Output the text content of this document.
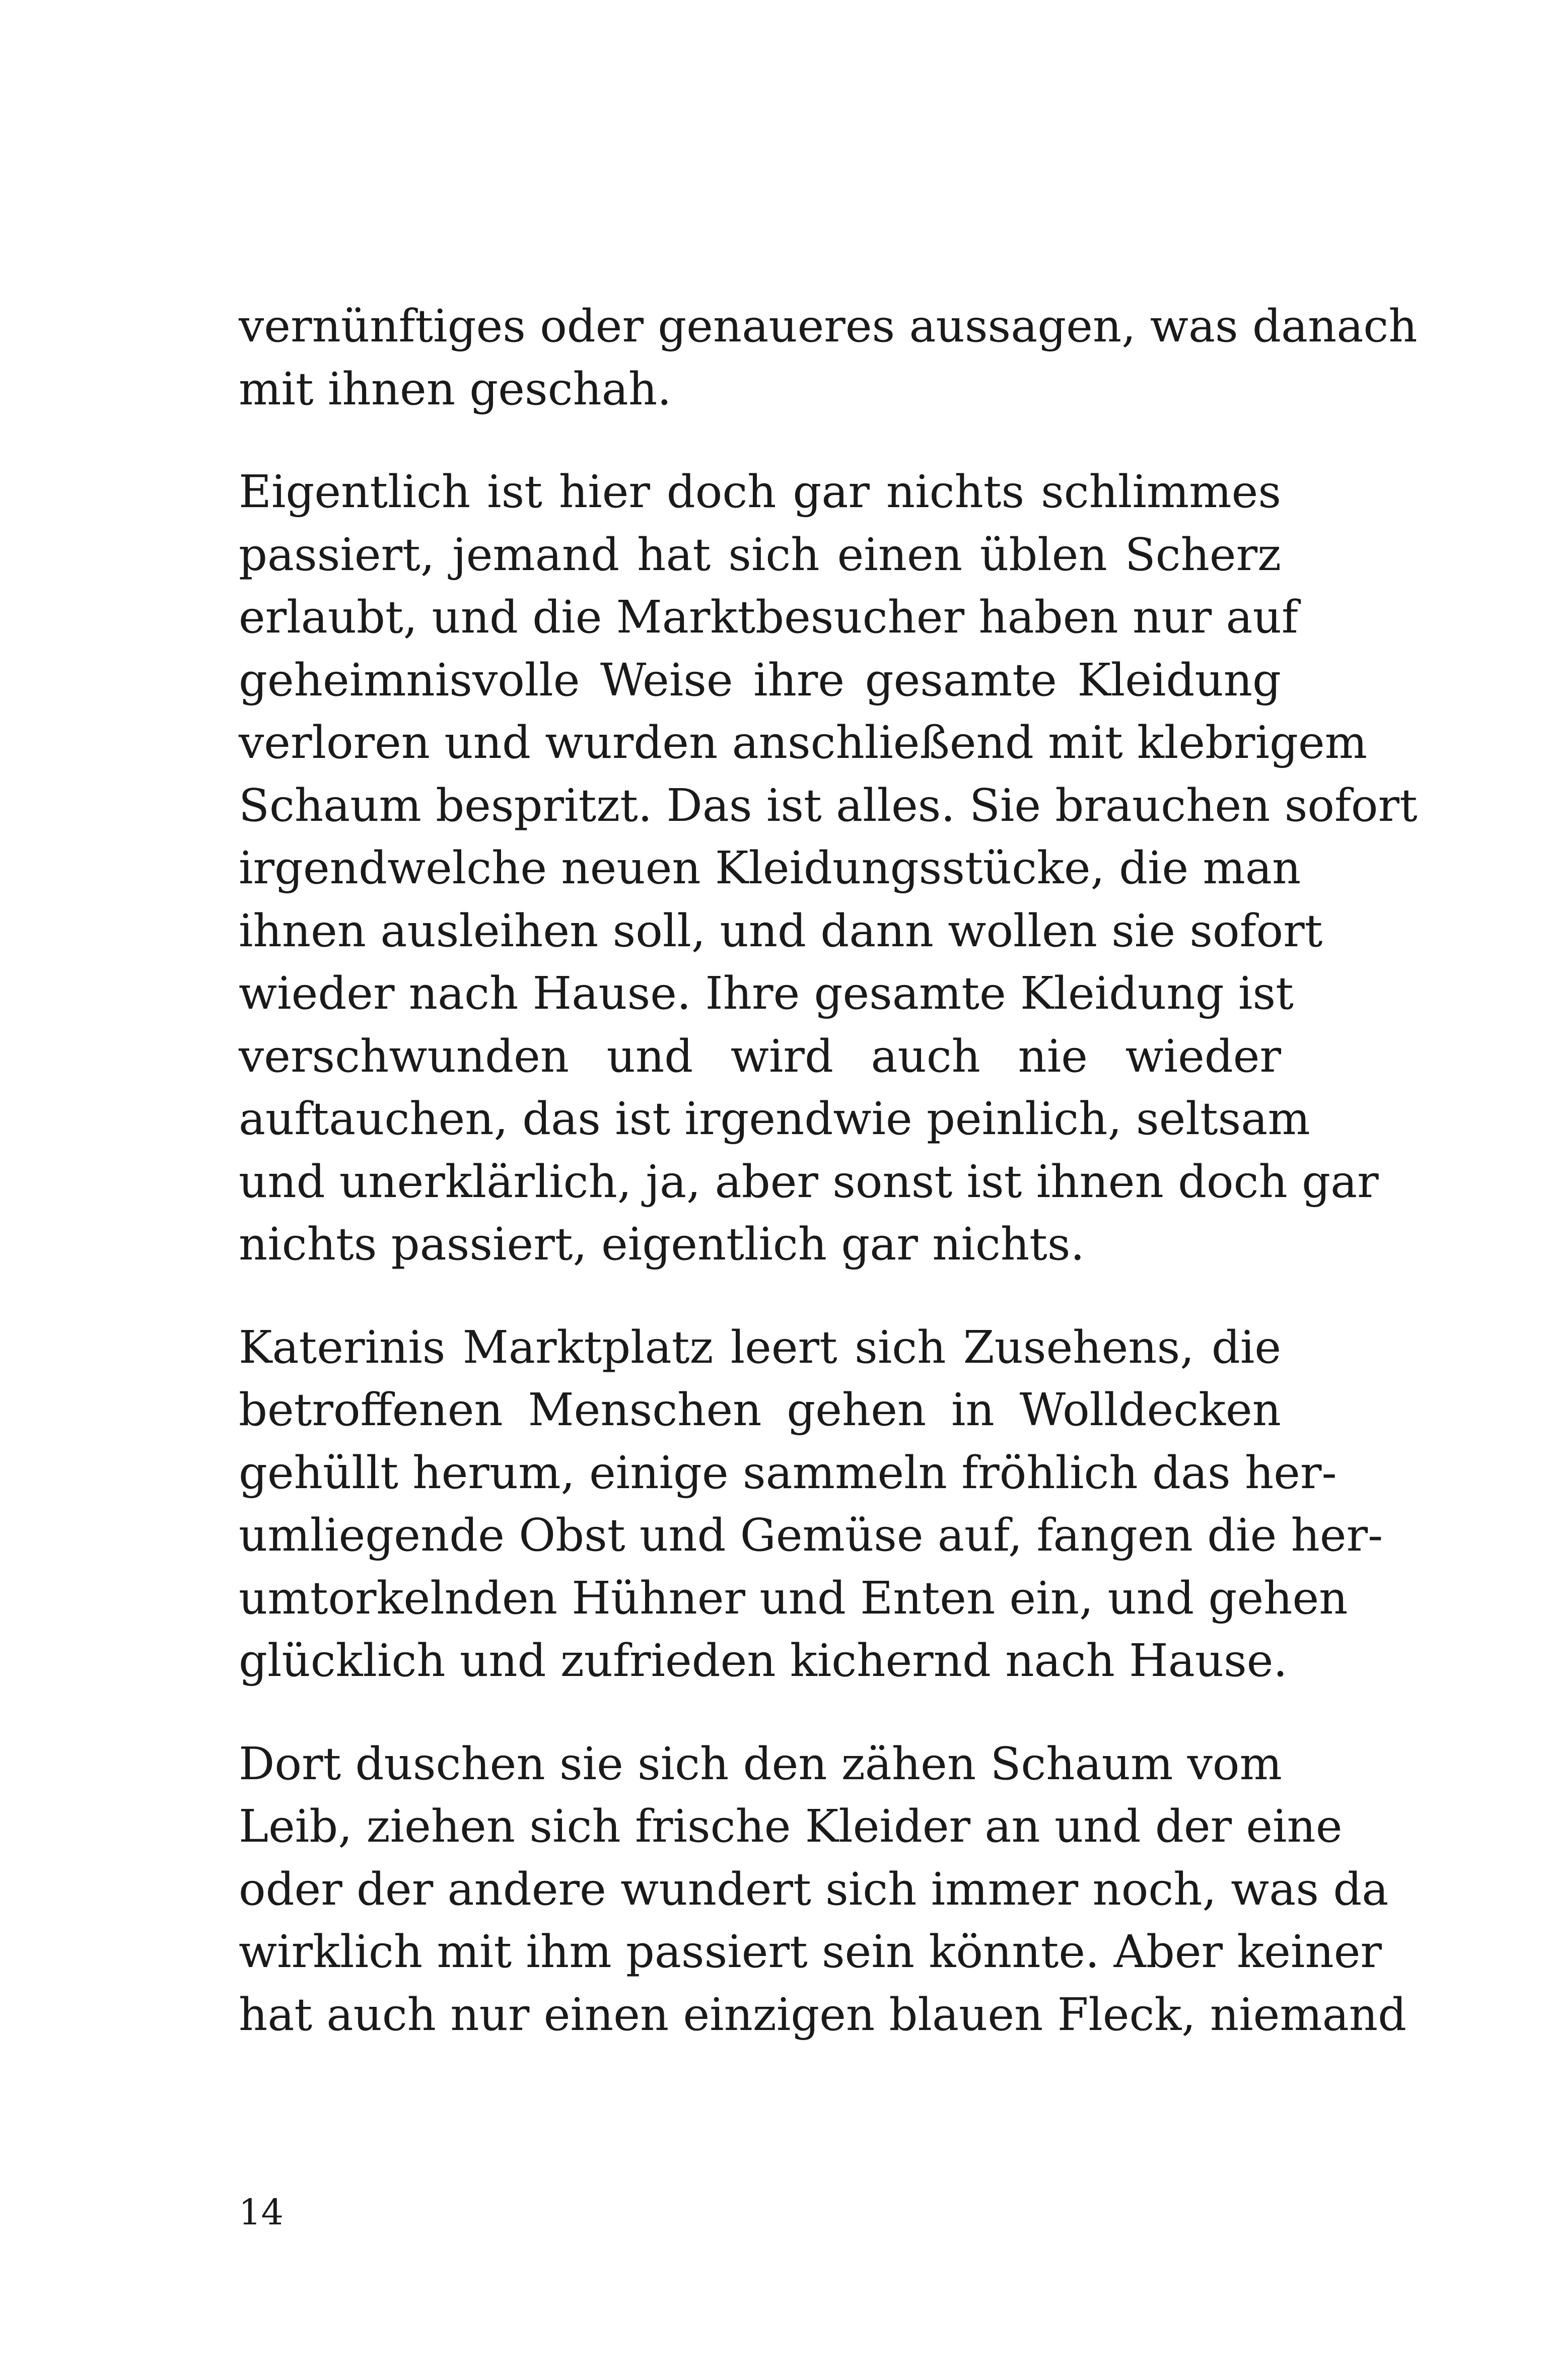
vernünftiges oder genaueres aussagen, was danach
mit ihnen geschah.
Eigentlich ist hier doch gar nichts schlimmes
passiert, jemand hat sich einen üblen Scherz
erlaubt, und die Marktbesucher haben nur auf
geheimnisvolle Weise ihre gesamte Kleidung
verloren und wurden anschließend mit klebrigem
Schaum bespritzt. Das ist alles. Sie brauchen sofort
irgendwelche neuen Kleidungsstücke, die man
ihnen ausleihen soll, und dann wollen sie sofort
wieder nach Hause. Ihre gesamte Kleidung ist
verschwunden und wird auch nie wieder
auftauchen, das ist irgendwie peinlich, seltsam
und unerklärlich, ja, aber sonst ist ihnen doch gar
nichts passiert, eigentlich gar nichts.
Katerinis Marktplatz leert sich Zusehens, die
betroffenen Menschen gehen in Wolldecken
gehüllt herum, einige sammeln fröhlich das her-
umliegende Obst und Gemüse auf, fangen die her-
umtorkelnden Hühner und Enten ein, und gehen
glücklich und zufrieden kichernd nach Hause.
Dort duschen sie sich den zähen Schaum vom
Leib, ziehen sich frische Kleider an und der eine
oder der andere wundert sich immer noch, was da
wirklich mit ihm passiert sein könnte. Aber keiner
hat auch nur einen einzigen blauen Fleck, niemand
14
